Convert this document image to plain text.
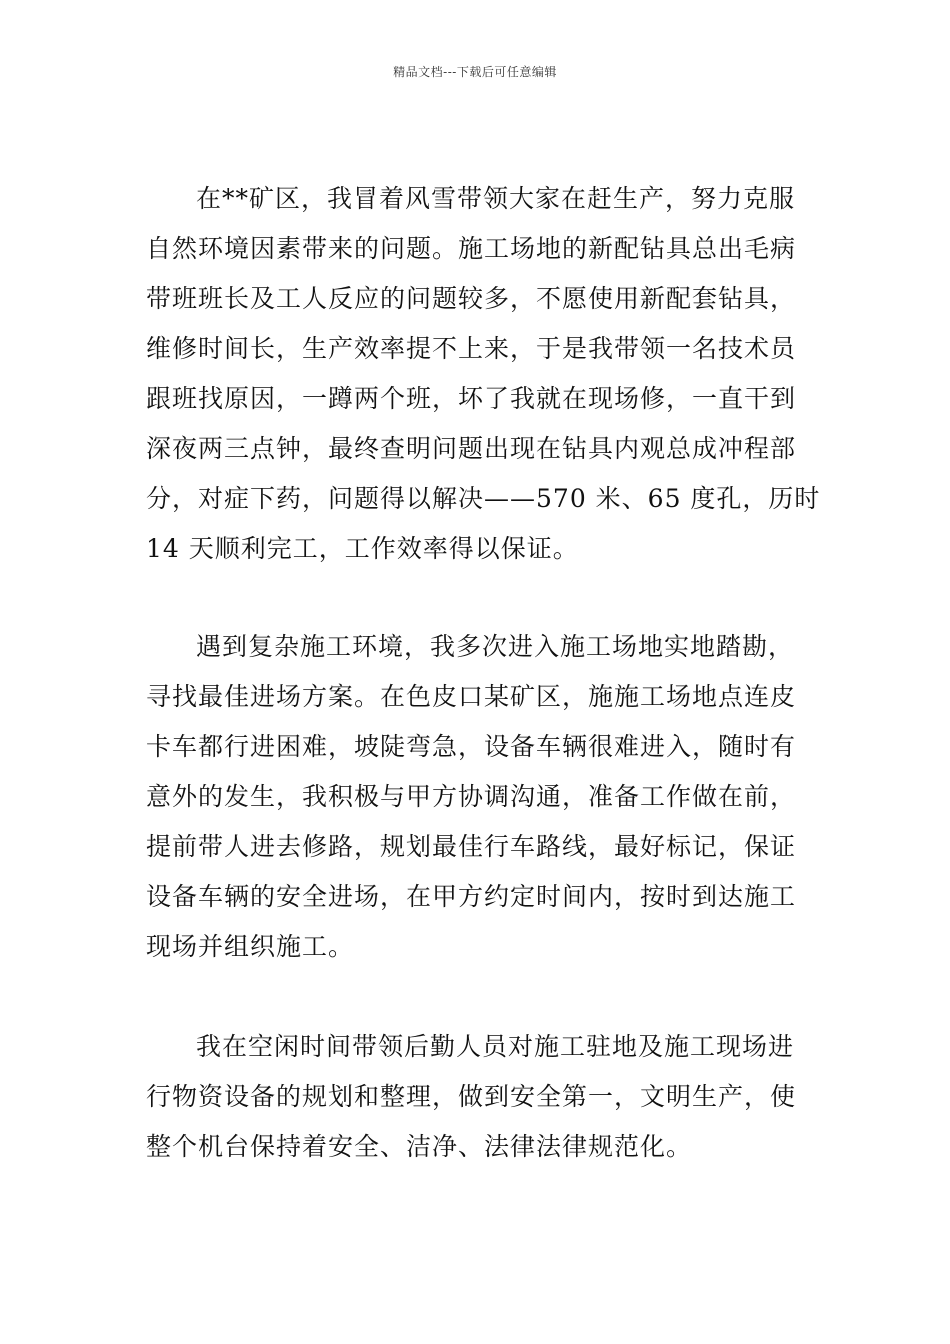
精品文档---下载后可任意编辑
在**矿区，我冒着风雪带领大家在赶生产，努力克服
自然环境因素带来的问题。施工场地的新配钻具总出毛病
带班班长及工人反应的问题较多，不愿使用新配套钻具，
维修时间长，生产效率提不上来，于是我带领一名技术员
跟班找原因，一蹲两个班，坏了我就在现场修，一直干到
深夜两三点钟，最终查明问题出现在钻具内观总成冲程部
分，对症下药，问题得以解决——570 米、65 度孔，历时
14 天顺利完工，工作效率得以保证。
遇到复杂施工环境，我多次进入施工场地实地踏勘，
寻找最佳进场方案。在色皮口某矿区，施施工场地点连皮
卡车都行进困难，坡陡弯急，设备车辆很难进入，随时有
意外的发生，我积极与甲方协调沟通，准备工作做在前，
提前带人进去修路，规划最佳行车路线，最好标记，保证
设备车辆的安全进场，在甲方约定时间内，按时到达施工
现场并组织施工。
我在空闲时间带领后勤人员对施工驻地及施工现场进
行物资设备的规划和整理，做到安全第一，文明生产，使
整个机台保持着安全、洁净、法律法律规范化。
